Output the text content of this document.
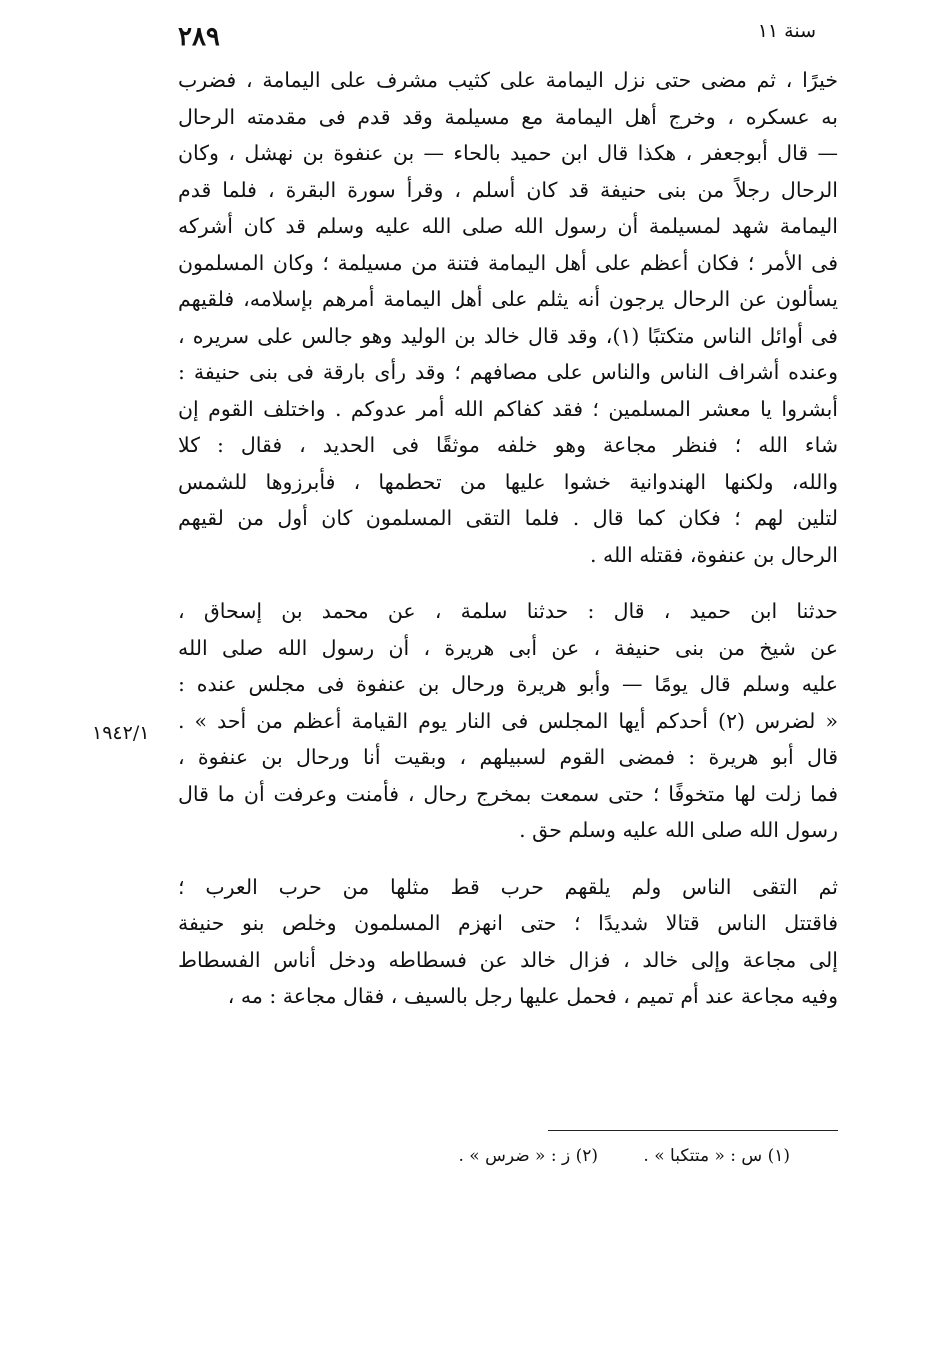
٢٨٩	سنة ١١
خيرًا ، ثم مضى حتى نزل اليمامة على كثيب مشرف على اليمامة ، فضرب
به عسكره ، وخرج أهل اليمامة مع مسيلمة وقد قدم فى مقدمته الرحال
— قال أبوجعفر ، هكذا قال ابن حميد بالحاء — بن عنفوة بن نهشل ، وكان
الرحال رجلاً من بنى حنيفة قد كان أسلم ، وقرأ سورة البقرة ، فلما قدم
اليمامة شهد لمسيلمة أن رسول الله صلى الله عليه وسلم قد كان أشركه
فى الأمر ؛ فكان أعظم على أهل اليمامة فتنة من مسيلمة ؛ وكان المسلمون
يسألون عن الرحال يرجون أنه يثلم على أهل اليمامة أمرهم بإسلامه، فلقيهم
فى أوائل الناس متكتبًا (١)، وقد قال خالد بن الوليد وهو جالس على سريره ،
وعنده أشراف الناس والناس على مصافهم ؛ وقد رأى بارقة فى بنى حنيفة :
أبشروا يا معشر المسلمين ؛ فقد كفاكم الله أمر عدوكم . واختلف القوم إن
شاء الله ؛ فنظر مجاعة وهو خلفه موثقًا فى الحديد ، فقال : كلا
والله، ولكنها الهندوانية خشوا عليها من تحطمها ، فأبرزوها للشمس
لتلين لهم ؛ فكان كما قال . فلما التقى المسلمون كان أول من لقيهم
الرحال بن عنفوة، فقتله الله .
حدثنا ابن حميد ، قال : حدثنا سلمة ، عن محمد بن إسحاق ،
عن شيخ من بنى حنيفة ، عن أبى هريرة ، أن رسول الله صلى الله
عليه وسلم قال يومًا — وأبو هريرة ورحال بن عنفوة فى مجلس عنده :
« لضرس (٢) أحدكم أيها المجلس فى النار يوم القيامة أعظم من أحد » .
قال أبو هريرة : فمضى القوم لسبيلهم ، وبقيت أنا ورحال بن عنفوة ،
فما زلت لها متخوفًا ؛ حتى سمعت بمخرج رحال ، فأمنت وعرفت أن ما قال
رسول الله صلى الله عليه وسلم حق .
ثم التقى الناس ولم يلقهم حرب قط مثلها من حرب العرب ؛
فاقتتل الناس قتالا شديدًا ؛ حتى انهزم المسلمون وخلص بنو حنيفة
إلى مجاعة وإلى خالد ، فزال خالد عن فسطاطه ودخل أناس الفسطاط
وفيه مجاعة عند أم تميم ، فحمل عليها رجل بالسيف ، فقال مجاعة : مه ،
١٩٤٢/١
(١) س : « متتكبا » . (٢) ز : « ضرس » .
